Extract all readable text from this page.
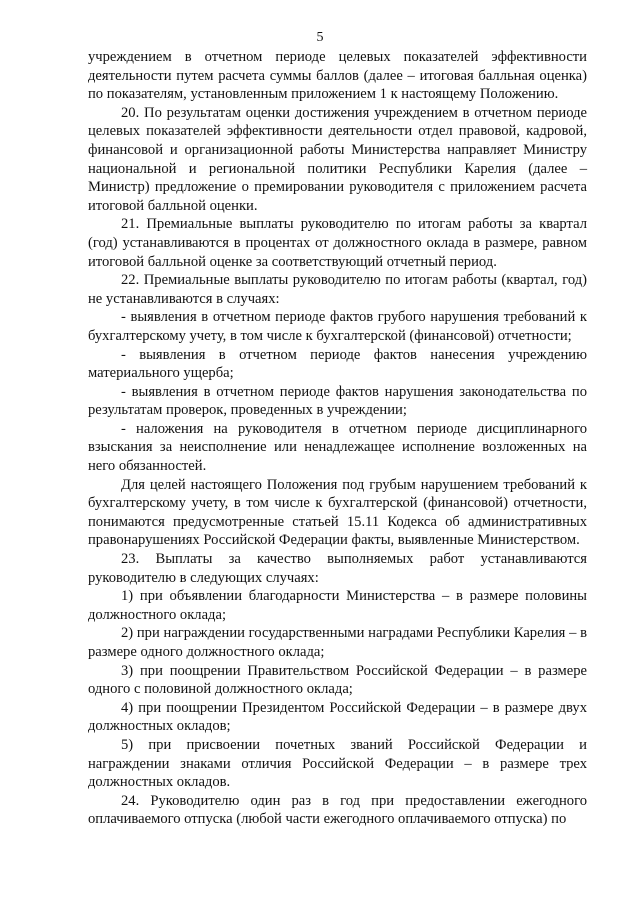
5

учреждением в отчетном периоде целевых показателей эффективности деятельности путем расчета суммы баллов (далее – итоговая балльная оценка) по показателям, установленным приложением 1 к настоящему Положению.

20. По результатам оценки достижения учреждением в отчетном периоде целевых показателей эффективности деятельности отдел правовой, кадровой, финансовой и организационной работы Министерства направляет Министру национальной и региональной политики Республики Карелия (далее – Министр) предложение о премировании руководителя с приложением расчета итоговой балльной оценки.

21. Премиальные выплаты руководителю по итогам работы за квартал (год) устанавливаются в процентах от должностного оклада в размере, равном итоговой балльной оценке за соответствующий отчетный период.

22. Премиальные выплаты руководителю по итогам работы (квартал, год) не устанавливаются в случаях:

- выявления в отчетном периоде фактов грубого нарушения требований к бухгалтерскому учету, в том числе к бухгалтерской (финансовой) отчетности;

- выявления в отчетном периоде фактов нанесения учреждению материального ущерба;

- выявления в отчетном периоде фактов нарушения законодательства по результатам проверок, проведенных в учреждении;

- наложения на руководителя в отчетном периоде дисциплинарного взыскания за неисполнение или ненадлежащее исполнение возложенных на него обязанностей.

Для целей настоящего Положения под грубым нарушением требований к бухгалтерскому учету, в том числе к бухгалтерской (финансовой) отчетности, понимаются предусмотренные статьей 15.11 Кодекса об административных правонарушениях Российской Федерации факты, выявленные Министерством.

23. Выплаты за качество выполняемых работ устанавливаются руководителю в следующих случаях:

1) при объявлении благодарности Министерства – в размере половины должностного оклада;

2) при награждении государственными наградами Республики Карелия – в размере одного должностного оклада;

3) при поощрении Правительством Российской Федерации – в размере одного с половиной должностного оклада;

4) при поощрении Президентом Российской Федерации – в размере двух должностных окладов;

5) при присвоении почетных званий Российской Федерации и награждении знаками отличия Российской Федерации – в размере трех должностных окладов.

24. Руководителю один раз в год при предоставлении ежегодного оплачиваемого отпуска (любой части ежегодного оплачиваемого отпуска) по
